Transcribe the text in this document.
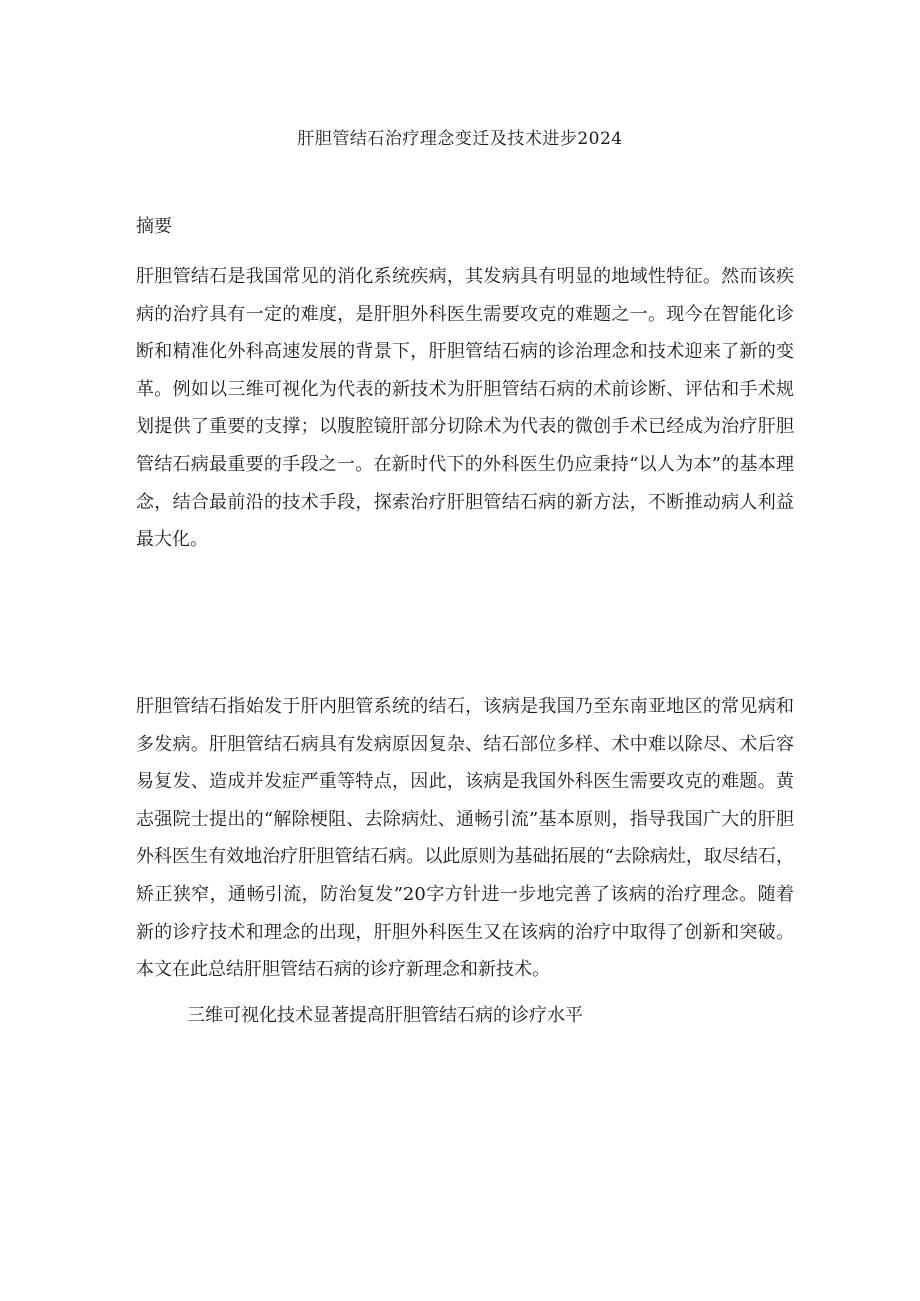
肝胆管结石治疗理念变迁及技术进步2024
摘要

肝胆管结石是我国常见的消化系统疾病，其发病具有明显的地域性特征。然而该疾病的治疗具有一定的难度，是肝胆外科医生需要攻克的难题之一。现今在智能化诊断和精准化外科高速发展的背景下，肝胆管结石病的诊治理念和技术迎来了新的变革。例如以三维可视化为代表的新技术为肝胆管结石病的术前诊断、评估和手术规划提供了重要的支撑；以腹腔镜肝部分切除术为代表的微创手术已经成为治疗肝胆管结石病最重要的手段之一。在新时代下的外科医生仍应秉持“以人为本”的基本理念，结合最前沿的技术手段，探索治疗肝胆管结石病的新方法，不断推动病人利益最大化。

肝胆管结石指始发于肝内胆管系统的结石，该病是我国乃至东南亚地区的常见病和多发病。肝胆管结石病具有发病原因复杂、结石部位多样、术中难以除尽、术后容易复发、造成并发症严重等特点，因此，该病是我国外科医生需要攻克的难题。黄志强院士提出的“解除梗阻、去除病灶、通畅引流”基本原则，指导我国广大的肝胆外科医生有效地治疗肝胆管结石病。以此原则为基础拓展的“去除病灶，取尽结石，矫正狭窄，通畅引流，防治复发”20字方针进一步地完善了该病的治疗理念。随着新的诊疗技术和理念的出现，肝胆外科医生又在该病的治疗中取得了创新和突破。本文在此总结肝胆管结石病的诊疗新理念和新技术。

三维可视化技术显著提高肝胆管结石病的诊疗水平
